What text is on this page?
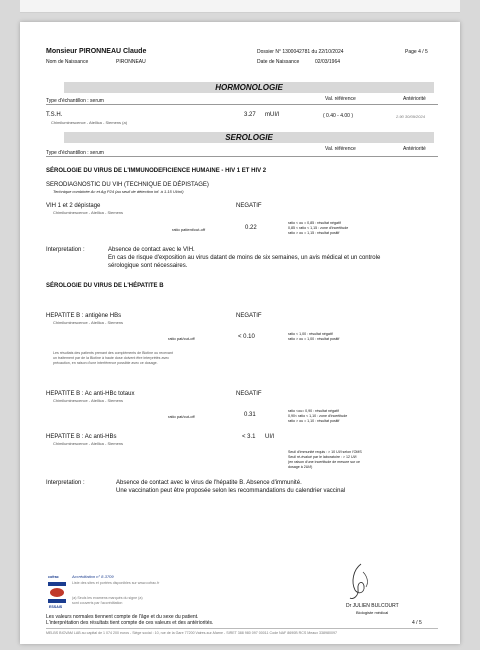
Monsieur PIRONNEAU Claude
Nom de Naissance	PIRONNEAU
Dossier N° 1300042781 du 22/10/2024
Date de Naissance	02/03/1964
Page 4 / 5
HORMONOLOGIE
Val. référence	Antériorité
Type d'échantillon : serum
T.S.H.
Chimiluminescence - Atellica - Siemens (a)
3.27 mUI/l	( 0.40 - 4.00 )	2.90 30/09/2024
SEROLOGIE
Val. référence	Antériorité
Type d'échantillon : serum
SÉROLOGIE DU VIRUS DE L'IMMUNODEFICIENCE HUMAINE - HIV 1 ET HIV 2
SERODIAGNOSTIC DU VIH (TECHNIQUE DE DÉPISTAGE)
Technique combinée Ac et Ag P24 (au seuil de détection inf. à 1.15 UI/ml)
VIH 1 et 2 dépistage
Chimiluminescence - Atellica - Siemens
NEGATIF
ratio patient/cut-off	0.22
ratio < ou = 0,85 : résultat négatif
0,85 < ratio < 1,15 : zone d'incertitude
ratio > ou = 1,15 : résultat positif
Interpretation :	Absence de contact avec le VIH.
En cas de risque d'exposition au virus datant de moins de six semaines, un avis médical et un controle
sérologique sont nécessaires.
SÉROLOGIE DU VIRUS DE L'HÉPATITE B
HEPATITE B : antigène HBs
Chimiluminescence - Atellica - Siemens
NEGATIF
ratio pat/cut-off	< 0.10	ratio < 1,00 : résultat négatif
ratio > ou = 1,00 : résultat positif
Les résultats des patients prenant des compléments de Biotine ou recevant
un traitement par de la Biotine à haute dose doivent être interprétés avec
précaution, en raison d'une interférence possible avec ce dosage.
HEPATITE B : Ac anti-HBc totaux
Chimiluminescence - Atellica - Siemens
NEGATIF
ratio pat/cut-off	0.31
ratio <ou= 0,90 : résultat négatif
0,90< ratio < 1,10 : zone d'incertitude
ratio > ou = 1,10 : résultat positif
HEPATITE B : Ac anti-HBs
Chimiluminescence - Atellica - Siemens
< 3.1 UI/l
Seuil d'immunité requis : > 10 UI/l selon l'OMS
Seuil ré-évalué par le laboratoire : > 12 UI/l
(en raison d'une incertitude de mesure sur ce
dosage à 2UI/l)
Interpretation :	Absence de contact avec le virus de l'hépatite B. Absence d'immunité.
Une vaccination peut être proposée selon les recommandations du calendrier vaccinal
cofrac
ESSAIS
Accréditation n° 8-3709
Liste des sites et portées disponibles sur www.cofrac.fr
(a) Seuls les examens marqués du signe (a)
sont couverts par l'accréditation	Dr JULIEN BULCOURT
Biologiste médical
Les valeurs normales tiennent compte de l'âge et du sexe du patient.
L'interprétation des résultats tient compte de ces valeurs et des antériorités.	4 / 5
MELBS BIOVAM LAB au capital de 1 074 200 euros - Siège social : 10, rue de la Gare 77200 Vaires-sur-Marne - SIRET 388 980 097 00011 Code NAF 8690B RCS Meaux 338980097
